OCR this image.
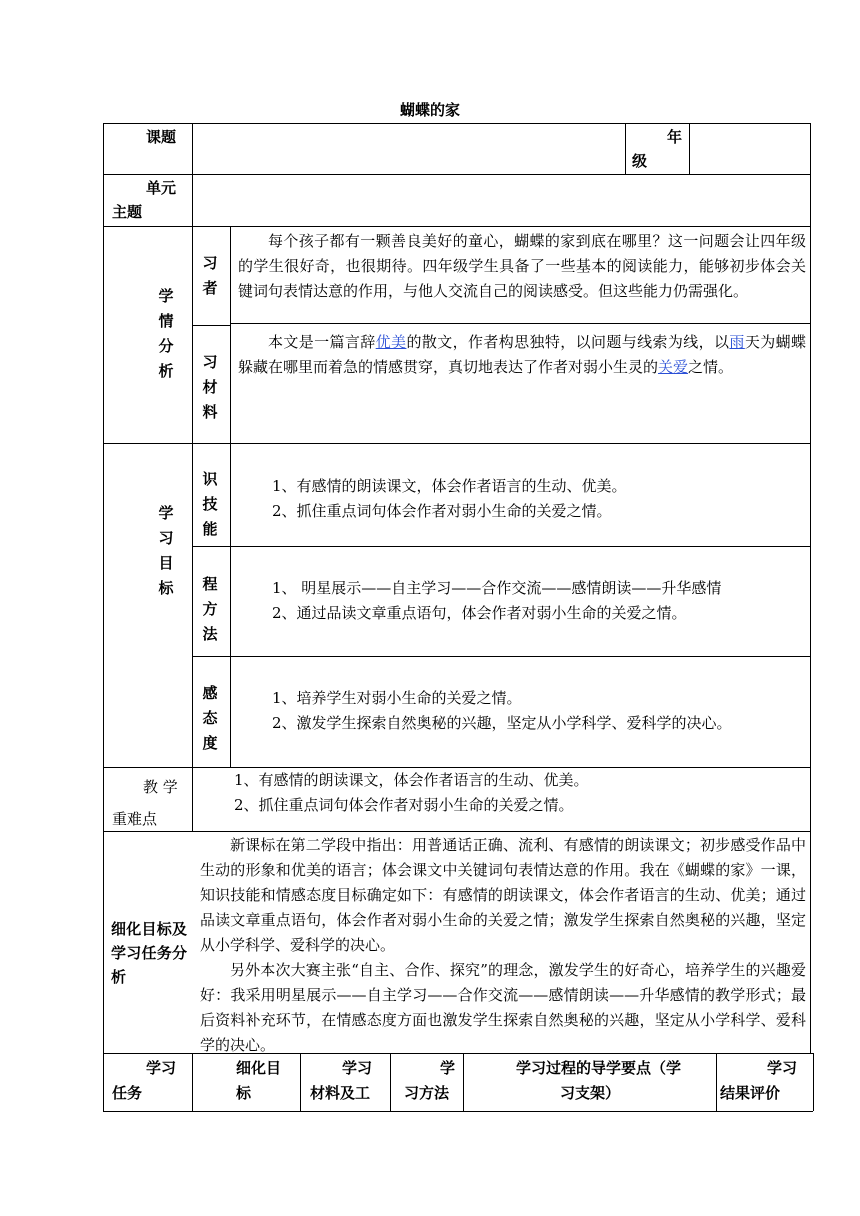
蝴蝶的家
课题	年
级
单元
主题
学
情
分
析
习
者
每个孩子都有一颗善良美好的童心，蝴蝶的家到底在哪里？这一问题会让四年级的学生很好奇，也很期待。四年级学生具备了一些基本的阅读能力，能够初步体会关键词句表情达意的作用，与他人交流自己的阅读感受。但这些能力仍需强化。
习
材
料
本文是一篇言辞优美的散文，作者构思独特，以问题与线索为线，以雨天为蝴蝶躲藏在哪里而着急的情感贯穿，真切地表达了作者对弱小生灵的关爱之情。
学
习
目
标
识
技
能
1、有感情的朗读课文，体会作者语言的生动、优美。
2、抓住重点词句体会作者对弱小生命的关爱之情。
程
方
法
1、 明星展示——自主学习——合作交流——感情朗读——升华感情
2、通过品读文章重点语句，体会作者对弱小生命的关爱之情。
感
态
度
1、培养学生对弱小生命的关爱之情。
2、激发学生探索自然奥秘的兴趣，坚定从小学科学、爱科学的决心。
教 学
重难点
1、有感情的朗读课文，体会作者语言的生动、优美。
2、抓住重点词句体会作者对弱小生命的关爱之情。
细化目标及学习任务分析
新课标在第二学段中指出：用普通话正确、流利、有感情的朗读课文；初步感受作品中生动的形象和优美的语言；体会课文中关键词句表情达意的作用。我在《蝴蝶的家》一课，知识技能和情感态度目标确定如下：有感情的朗读课文，体会作者语言的生动、优美；通过品读文章重点语句，体会作者对弱小生命的关爱之情；激发学生探索自然奥秘的兴趣，坚定从小学科学、爱科学的决心。
另外本次大赛主张“自主、合作、探究”的理念，激发学生的好奇心，培养学生的兴趣爱好：我采用明星展示——自主学习——合作交流——感情朗读——升华感情的教学形式；最后资料补充环节，在情感态度方面也激发学生探索自然奥秘的兴趣，坚定从小学科学、爱科学的决心。
学习
任务
细化目
标
学习
材料及工
学
习方法
学习过程的导学要点（学
习支架）
学习
结果评价
